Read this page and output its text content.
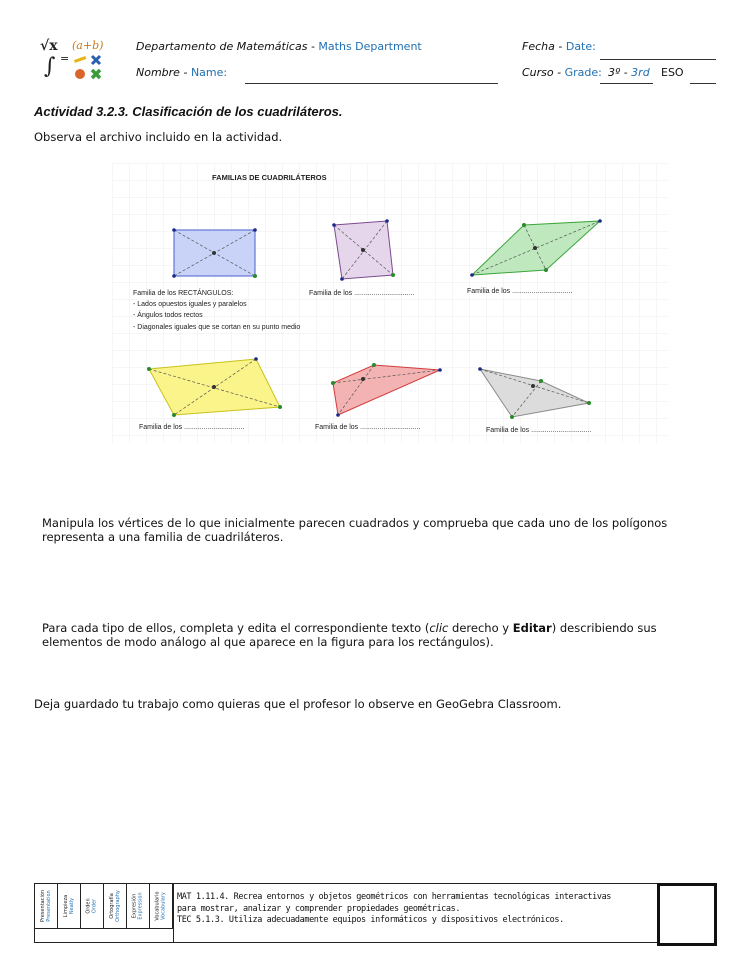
√x (a+b)
∫ =
Departamento de Matemáticas - Maths Department
Nombre - Name:
Fecha - Date:
Curso - Grade: 3º - 3rd ESO
Actividad 3.2.3. Clasificación de los cuadriláteros.
Observa el archivo incluido en la actividad.
FAMILIAS DE CUADRILÁTEROS
Familia de los RECTÁNGULOS:
- Lados opuestos iguales y paralelos
- Ángulos todos rectos
- Diagonales iguales que se cortan en su punto medio
Familia de los ...............................	Familia de los ...............................
Familia de los ...............................	Familia de los ...............................	Familia de los ...............................
Manipula los vértices de lo que inicialmente parecen cuadrados y comprueba que cada uno de los polígonos representa a una familia de cuadriláteros.
Para cada tipo de ellos, completa y edita el correspondiente texto (clic derecho y Editar) describiendo sus elementos de modo análogo al que aparece en la figura para los rectángulos).
Deja guardado tu trabajo como quieras que el profesor lo observe en GeoGebra Classroom.
Presentación Presentation Limpieza Neatly Orden Order Ortografía Orthography Expresión Expression Vocabulario Vocabulary MAT 1.11.4. Recrea entornos y objetos geométricos con herramientas tecnológicas interactivas
para mostrar, analizar y comprender propiedades geométricas.
TEC 5.1.3. Utiliza adecuadamente equipos informáticos y dispositivos electrónicos.
